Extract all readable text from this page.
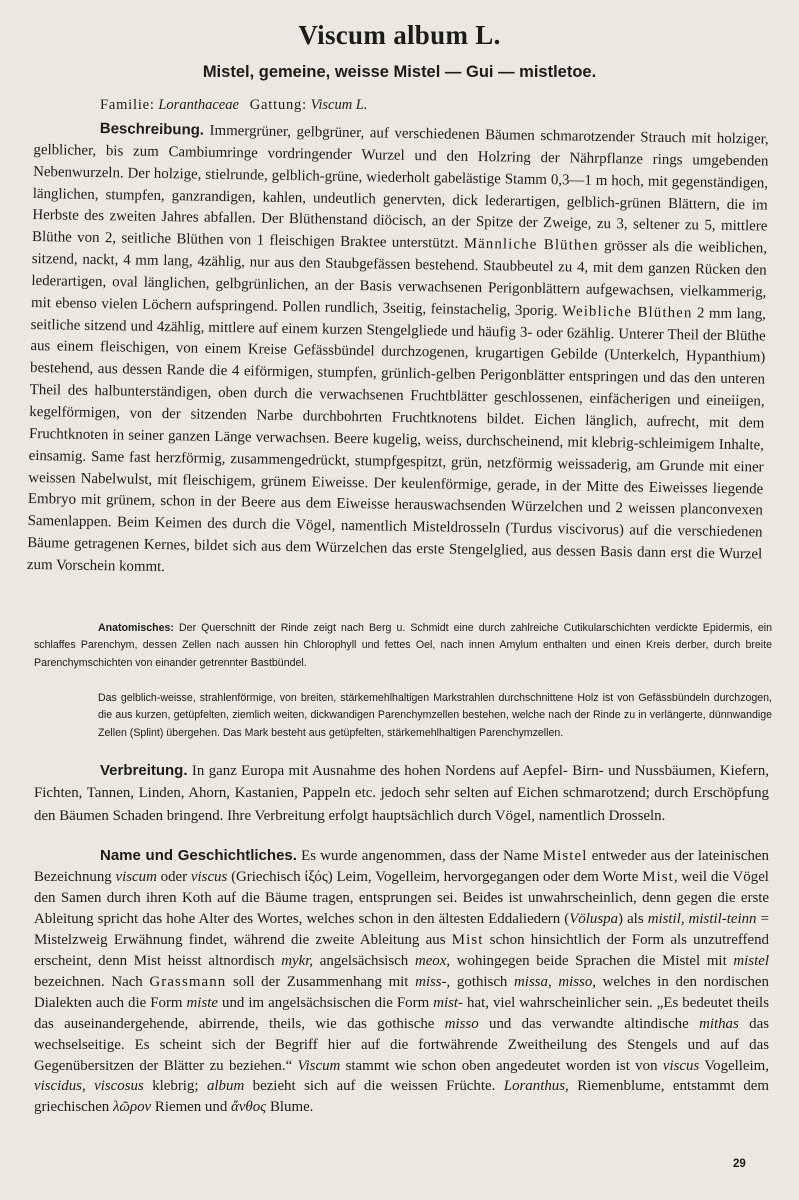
Viscum album L.
Mistel, gemeine, weisse Mistel — Gui — mistletoe.
Familie: Loranthaceae Gattung: Viscum L.
Beschreibung. Immergrüner, gelbgrüner, auf verschiedenen Bäumen schmarotzender Strauch mit holziger, gelblicher, bis zum Cambiumringe vordringender Wurzel und den Holzring der Nährpflanze rings umgebenden Nebenwurzeln. Der holzige, stielrunde, gelblich-grüne, wiederholt gabelästige Stamm 0,3—1 m hoch, mit gegenständigen, länglichen, stumpfen, ganzrandigen, kahlen, undeutlich genervten, dick lederartigen, gelblich-grünen Blättern, die im Herbste des zweiten Jahres abfallen. Der Blüthenstand diöcisch, an der Spitze der Zweige, zu 3, seltener zu 5, mittlere Blüthe von 2, seitliche Blüthen von 1 fleischigen Braktee unterstützt. Männliche Blüthen grösser als die weiblichen, sitzend, nackt, 4 mm lang, 4zählig, nur aus den Staubgefässen bestehend. Staubbeutel zu 4, mit dem ganzen Rücken den lederartigen, oval länglichen, gelbgrünlichen, an der Basis verwachsenen Perigonblättern aufgewachsen, vielkammerig, mit ebenso vielen Löchern aufspringend. Pollen rundlich, 3seitig, feinstachelig, 3porig. Weibliche Blüthen 2 mm lang, seitliche sitzend und 4zählig, mittlere auf einem kurzen Stengelgliede und häufig 3- oder 6zählig. Unterer Theil der Blüthe aus einem fleischigen, von einem Kreise Gefässbündel durchzogenen, krugartigen Gebilde (Unterkelch, Hypanthium) bestehend, aus dessen Rande die 4 eiförmigen, stumpfen, grünlich-gelben Perigonblätter entspringen und das den unteren Theil des halbunterständigen, oben durch die verwachsenen Fruchtblätter geschlossenen, einfächerigen und eineiigen, kegelförmigen, von der sitzenden Narbe durchbohrten Fruchtknotens bildet. Eichen länglich, aufrecht, mit dem Fruchtknoten in seiner ganzen Länge verwachsen. Beere kugelig, weiss, durchscheinend, mit klebrig-schleimigem Inhalte, einsamig. Same fast herzförmig, zusammengedrückt, stumpfgespitzt, grün, netzförmig weissaderig, am Grunde mit einer weissen Nabelwulst, mit fleischigem, grünem Eiweisse. Der keulenförmige, gerade, in der Mitte des Eiweisses liegende Embryo mit grünem, schon in der Beere aus dem Eiweisse herauswachsenden Würzelchen und 2 weissen planconvexen Samenlappen. Beim Keimen des durch die Vögel, namentlich Misteldrosseln (Turdus viscivorus) auf die verschiedenen Bäume getragenen Kernes, bildet sich aus dem Würzelchen das erste Stengelglied, aus dessen Basis dann erst die Wurzel zum Vorschein kommt.
Anatomisches: Der Querschnitt der Rinde zeigt nach Berg u. Schmidt eine durch zahlreiche Cutikularschichten verdickte Epidermis, ein schlaffes Parenchym, dessen Zellen nach aussen hin Chlorophyll und fettes Oel, nach innen Amylum enthalten und einen Kreis derber, durch breite Parenchymschichten von einander getrennter Bastbündel.
Das gelblich-weisse, strahlenförmige, von breiten, stärkemehlhaltigen Markstrahlen durchschnittene Holz ist von Gefässbündeln durchzogen, die aus kurzen, getüpfelten, ziemlich weiten, dickwandigen Parenchymzellen bestehen, welche nach der Rinde zu in verlängerte, dünnwandige Zellen (Splint) übergehen. Das Mark besteht aus getüpfelten, stärkemehlhaltigen Parenchymzellen.
Verbreitung. In ganz Europa mit Ausnahme des hohen Nordens auf Aepfel- Birn- und Nussbäumen, Kiefern, Fichten, Tannen, Linden, Ahorn, Kastanien, Pappeln etc. jedoch sehr selten auf Eichen schmarotzend; durch Erschöpfung den Bäumen Schaden bringend. Ihre Verbreitung erfolgt hauptsächlich durch Vögel, namentlich Drosseln.
Name und Geschichtliches. Es wurde angenommen, dass der Name Mistel entweder aus der lateinischen Bezeichnung viscum oder viscus (Griechisch ἰξός) Leim, Vogelleim, hervorgegangen oder dem Worte Mist, weil die Vögel den Samen durch ihren Koth auf die Bäume tragen, entsprungen sei. Beides ist unwahrscheinlich, denn gegen die erste Ableitung spricht das hohe Alter des Wortes, welches schon in den ältesten Eddaliedern (Völuspa) als mistil, mistil-teinn = Mistelzweig Erwähnung findet, während die zweite Ableitung aus Mist schon hinsichtlich der Form als unzutreffend erscheint, denn Mist heisst altnordisch mykr, angelsächsisch meox, wohingegen beide Sprachen die Mistel mit mistel bezeichnen. Nach Grassmann soll der Zusammenhang mit miss-, gothisch missa, misso, welches in den nordischen Dialekten auch die Form miste und im angelsächsischen die Form mist- hat, viel wahrscheinlicher sein. „Es bedeutet theils das auseinandergehende, abirrende, theils, wie das gothische misso und das verwandte altindische mithas das wechselseitige. Es scheint sich der Begriff hier auf die fortwährende Zweitheilung des Stengels und auf das Gegenübersitzen der Blätter zu beziehen.“ Viscum stammt wie schon oben angedeutet worden ist von viscus Vogelleim, viscidus, viscosus klebrig; album bezieht sich auf die weissen Früchte. Loranthus, Riemenblume, entstammt dem griechischen λῶρον Riemen und ἄνθος Blume.
29
